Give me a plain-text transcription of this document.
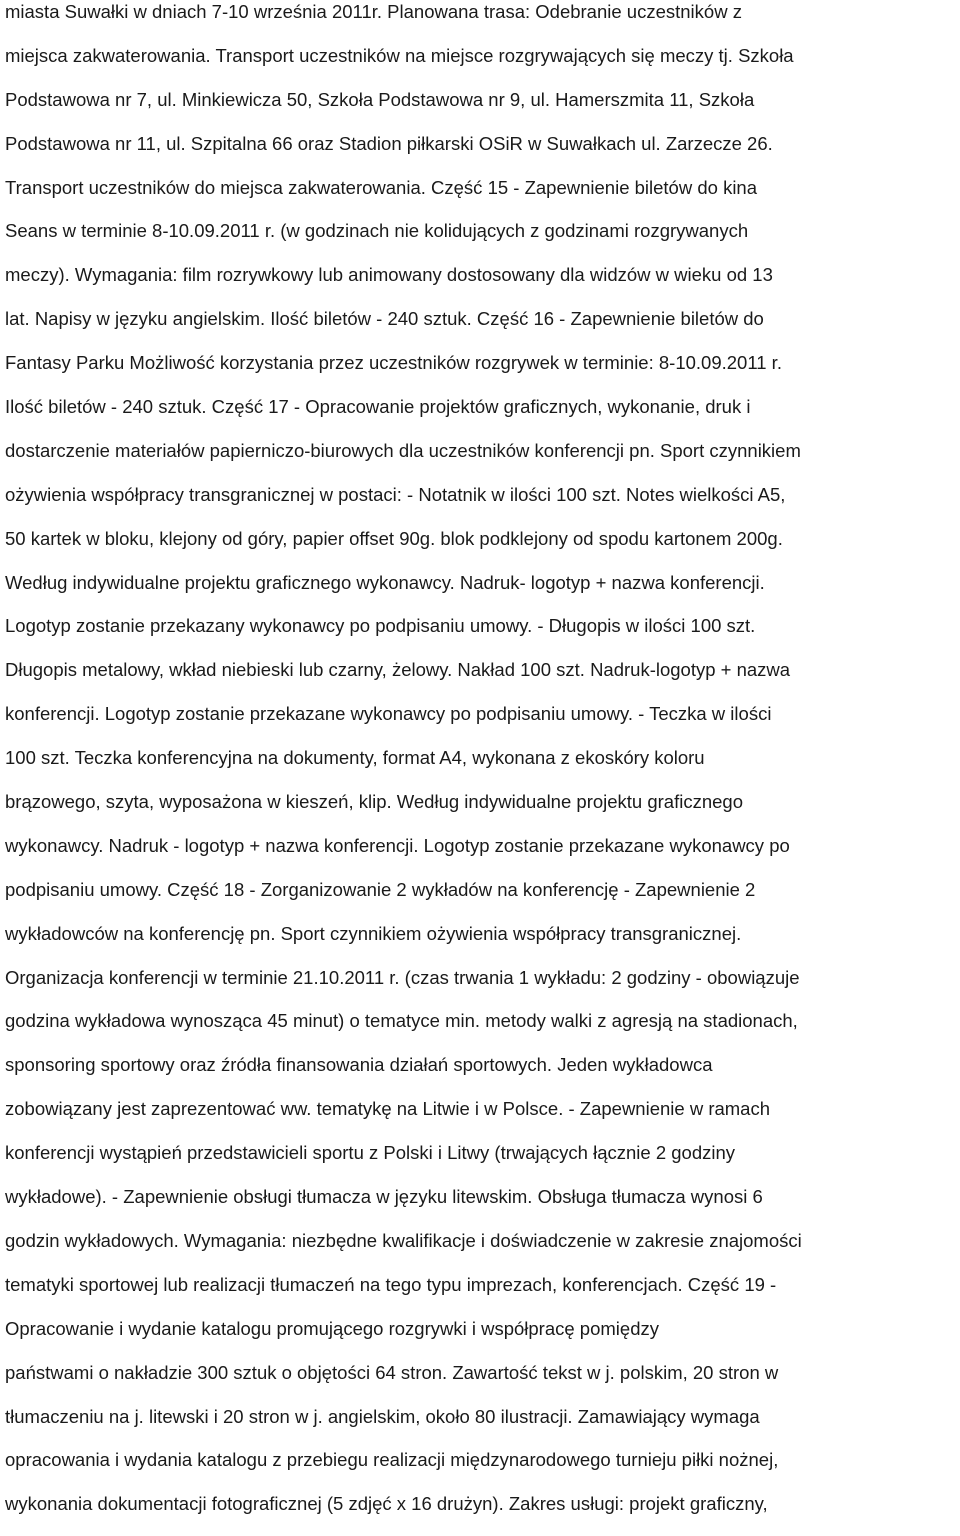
miasta Suwałki w dniach 7-10 września 2011r. Planowana trasa: Odebranie uczestników z
miejsca zakwaterowania. Transport uczestników na miejsce rozgrywających się meczy tj. Szkoła
Podstawowa nr 7, ul. Minkiewicza 50, Szkoła Podstawowa nr 9, ul. Hamerszmita 11, Szkoła
Podstawowa nr 11, ul. Szpitalna 66 oraz Stadion piłkarski OSiR w Suwałkach ul. Zarzecze 26.
Transport uczestników do miejsca zakwaterowania. Część 15 - Zapewnienie biletów do kina
Seans w terminie 8-10.09.2011 r. (w godzinach nie kolidujących z godzinami rozgrywanych
meczy). Wymagania: film rozrywkowy lub animowany dostosowany dla widzów w wieku od 13
lat. Napisy w języku angielskim. Ilość biletów - 240 sztuk. Część 16 - Zapewnienie biletów do
Fantasy Parku Możliwość korzystania przez uczestników rozgrywek w terminie: 8-10.09.2011 r.
Ilość biletów - 240 sztuk. Część 17 - Opracowanie projektów graficznych, wykonanie, druk i
dostarczenie materiałów papierniczo-biurowych dla uczestników konferencji pn. Sport czynnikiem
ożywienia współpracy transgranicznej w postaci: - Notatnik w ilości 100 szt. Notes wielkości A5,
50 kartek w bloku, klejony od góry, papier offset 90g. blok podklejony od spodu kartonem 200g.
Według indywidualne projektu graficznego wykonawcy. Nadruk- logotyp + nazwa konferencji.
Logotyp zostanie przekazany wykonawcy po podpisaniu umowy. - Długopis w ilości 100 szt.
Długopis metalowy, wkład niebieski lub czarny, żelowy. Nakład 100 szt. Nadruk-logotyp + nazwa
konferencji. Logotyp zostanie przekazane wykonawcy po podpisaniu umowy. - Teczka w ilości
100 szt. Teczka konferencyjna na dokumenty, format A4, wykonana z ekoskóry koloru
brązowego, szyta, wyposażona w kieszeń, klip. Według indywidualne projektu graficznego
wykonawcy. Nadruk - logotyp + nazwa konferencji. Logotyp zostanie przekazane wykonawcy po
podpisaniu umowy. Część 18 - Zorganizowanie 2 wykładów na konferencję - Zapewnienie 2
wykładowców na konferencję pn. Sport czynnikiem ożywienia współpracy transgranicznej.
Organizacja konferencji w terminie 21.10.2011 r. (czas trwania 1 wykładu: 2 godziny - obowiązuje
godzina wykładowa wynosząca 45 minut) o tematyce min. metody walki z agresją na stadionach,
sponsoring sportowy oraz źródła finansowania działań sportowych. Jeden wykładowca
zobowiązany jest zaprezentować ww. tematykę na Litwie i w Polsce. - Zapewnienie w ramach
konferencji wystąpień przedstawicieli sportu z Polski i Litwy (trwających łącznie 2 godziny
wykładowe). - Zapewnienie obsługi tłumacza w języku litewskim. Obsługa tłumacza wynosi 6
godzin wykładowych. Wymagania: niezbędne kwalifikacje i doświadczenie w zakresie znajomości
tematyki sportowej lub realizacji tłumaczeń na tego typu imprezach, konferencjach. Część 19 -
Opracowanie i wydanie katalogu promującego rozgrywki i współpracę pomiędzy
państwami o nakładzie 300 sztuk o objętości 64 stron. Zawartość tekst w j. polskim, 20 stron w
tłumaczeniu na j. litewski i 20 stron w j. angielskim, około 80 ilustracji. Zamawiający wymaga
opracowania i wydania katalogu z przebiegu realizacji międzynarodowego turnieju piłki nożnej,
wykonania dokumentacji fotograficznej (5 zdjęć x 16 drużyn). Zakres usługi: projekt graficzny,
